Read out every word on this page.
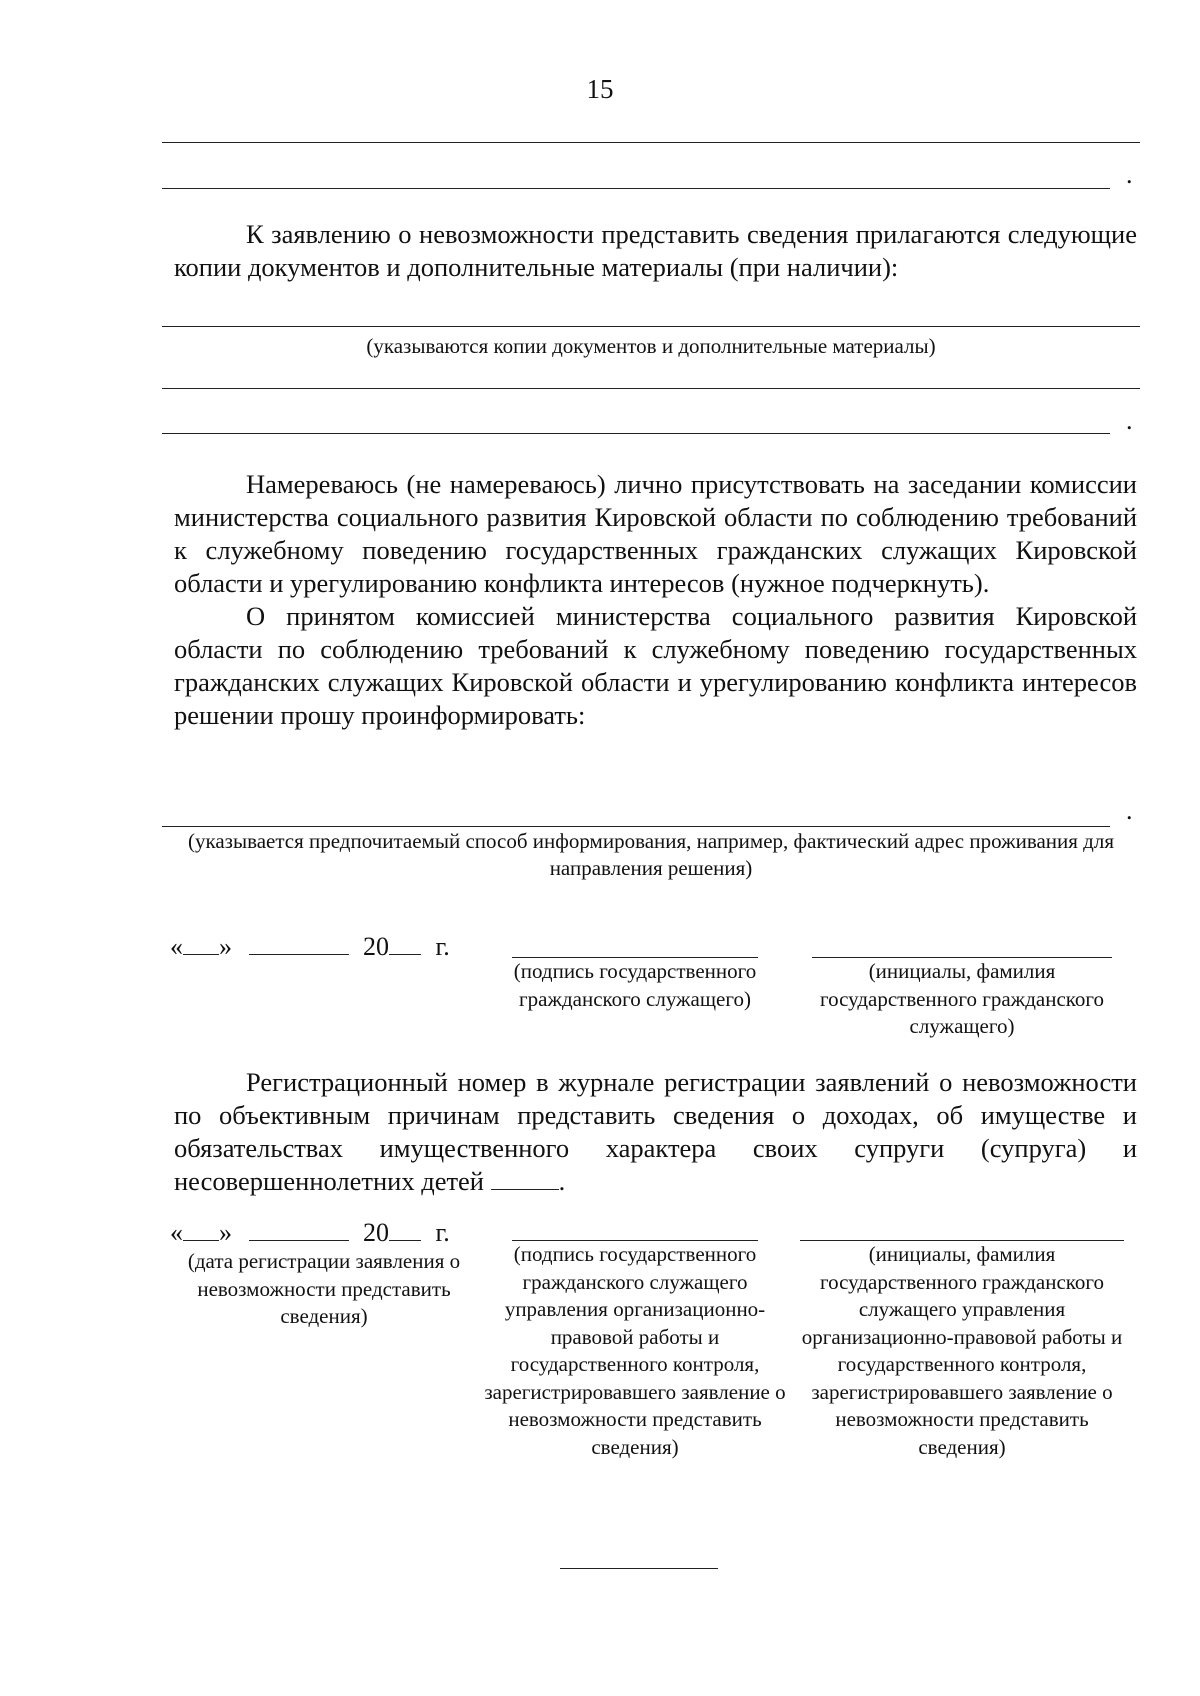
15
.

К заявлению о невозможности представить сведения прилагаются следующие копии документов и дополнительные материалы (при наличии):

(указываются копии документов и дополнительные материалы)
.

Намереваюсь (не намереваюсь) лично присутствовать на заседании комиссии министерства социального развития Кировской области по соблюдению требований к служебному поведению государственных гражданских служащих Кировской области и урегулированию конфликта интересов (нужное подчеркнуть).

О принятом комиссией министерства социального развития Кировской области по соблюдению требований к служебному поведению государственных гражданских служащих Кировской области и урегулированию конфликта интересов решении прошу проинформировать:

.
(указывается предпочитаемый способ информирования, например, фактический адрес проживания для направления решения)
« »	20 г.
(подпись государственного гражданского служащего)
(инициалы, фамилия государственного гражданского служащего)

Регистрационный номер в журнале регистрации заявлений о невозможности по объективным причинам представить сведения о доходах, об имуществе и обязательствах имущественного характера своих супруги (супруга) и несовершеннолетних детей	.

« »	20 г.
(дата регистрации заявления о невозможности представить сведения)
(подпись государственного гражданского служащего управления организационно-правовой работы и государственного контроля, зарегистрировавшего заявление о невозможности представить сведения)
(инициалы, фамилия государственного гражданского служащего управления организационно-правовой работы и государственного контроля, зарегистрировавшего заявление о невозможности представить сведения)
